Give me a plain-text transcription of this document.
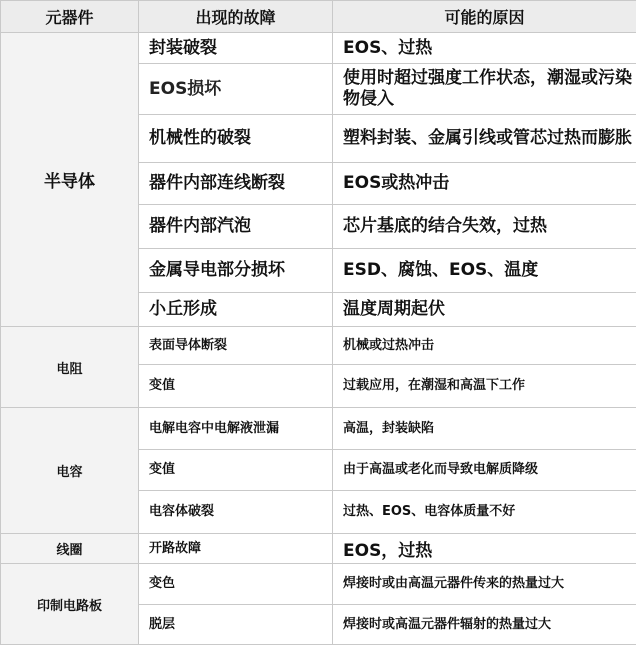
元器件	出现的故障	可能的原因
半导体	封装破裂	EOS、过热
	EOS损坏	使用时超过强度工作状态，潮湿或污染物侵入
	机械性的破裂	塑料封装、金属引线或管芯过热而膨胀
	器件内部连线断裂	EOS或热冲击
	器件内部汽泡	芯片基底的结合失效，过热
	金属导电部分损坏	ESD、腐蚀、EOS、温度
	小丘形成	温度周期起伏
电阻	表面导体断裂	机械或过热冲击
	变值	过载应用，在潮湿和高温下工作
电容	电解电容中电解液泄漏	高温，封装缺陷
	变值	由于高温或老化而导致电解质降级
	电容体破裂	过热、EOS、电容体质量不好
线圈	开路故障	EOS，过热
印制电路板	变色	焊接时或由高温元器件传来的热量过大
	脱层	焊接时或高温元器件辐射的热量过大
